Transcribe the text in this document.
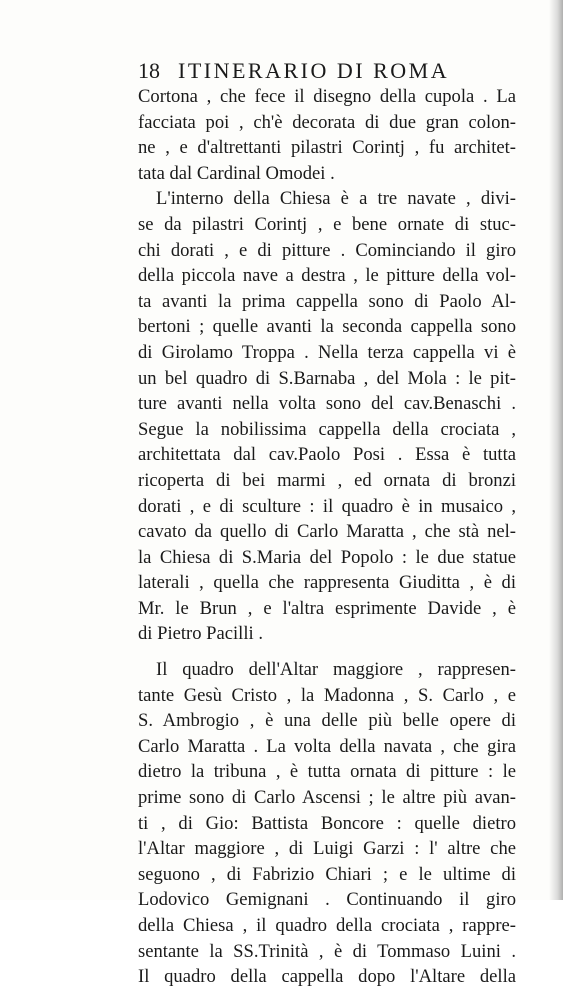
18 ITINERARIO DI ROMA
Cortona , che fece il disegno della cupola . La
facciata poi , ch'è decorata di due gran colon-
ne , e d'altrettanti pilastri Corintj , fu architet-
tata dal Cardinal Omodei .
L'interno della Chiesa è a tre navate , divi-
se da pilastri Corintj , e bene ornate di stuc-
chi dorati , e di pitture . Cominciando il giro
della piccola nave a destra , le pitture della vol-
ta avanti la prima cappella sono di Paolo Al-
bertoni ; quelle avanti la seconda cappella sono
di Girolamo Troppa . Nella terza cappella vi è
un bel quadro di S.Barnaba , del Mola : le pit-
ture avanti nella volta sono del cav.Benaschi .
Segue la nobilissima cappella della crociata ,
architettata dal cav.Paolo Posi . Essa è tutta
ricoperta di bei marmi , ed ornata di bronzi
dorati , e di sculture : il quadro è in musaico ,
cavato da quello di Carlo Maratta , che stà nel-
la Chiesa di S.Maria del Popolo : le due statue
laterali , quella che rappresenta Giuditta , è di
Mr. le Brun , e l'altra esprimente Davide , è
di Pietro Pacilli .
Il quadro dell'Altar maggiore , rappresen-
tante Gesù Cristo , la Madonna , S. Carlo , e
S. Ambrogio , è una delle più belle opere di
Carlo Maratta . La volta della navata , che gira
dietro la tribuna , è tutta ornata di pitture : le
prime sono di Carlo Ascensi ; le altre più avan-
ti , di Gio: Battista Boncore : quelle dietro
l'Altar maggiore , di Luigi Garzi : l' altre che
seguono , di Fabrizio Chiari ; e le ultime di
Lodovico Gemignani . Continuando il giro
della Chiesa , il quadro della crociata , rappre-
sentante la SS.Trinità , è di Tommaso Luini .
Il quadro della cappella dopo l'Altare della
